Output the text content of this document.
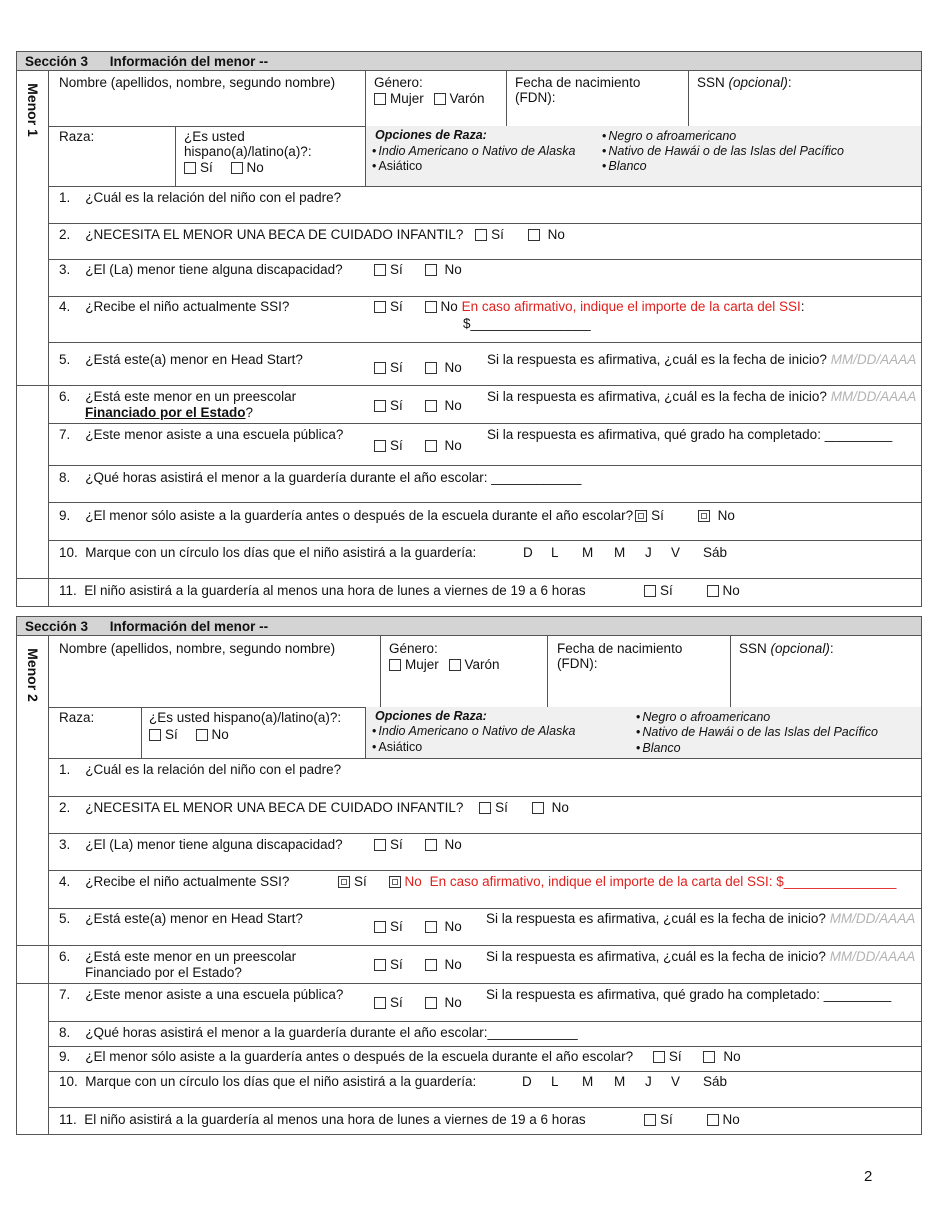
Sección 3 Información del menor --
Menor 1
Nombre (apellidos, nombre, segundo nombre)	Género:
Mujer Varón
Fecha de nacimiento (FDN):
SSN (opcional):
Raza:	¿Es usted hispano(a)/latino(a)?:
Sí	No
Opciones de Raza:
• Indio Americano o Nativo de Alaska
• Asiático
• Negro o afroamericano
• Nativo de Hawái o de las Islas del Pacífico
• Blanco
1.    ¿Cuál es la relación del niño con el padre?
2.    ¿NECESITA EL MENOR UNA BECA DE CUIDADO INFANTIL? Sí	No
3.    ¿El (La) menor tiene alguna discapacidad?	Sí	No
4.    ¿Recibe el niño actualmente SSI?	Sí	No En caso afirmativo, indique el importe de la carta del SSI:
$________________
5.    ¿Está este(a) menor en Head Start?
Sí	No
Si la respuesta es afirmativa, ¿cuál es la fecha de inicio? MM/DD/AAAA
6.    ¿Está este menor en un preescolar
Financiado por el Estado?	Sí	No
Si la respuesta es afirmativa, ¿cuál es la fecha de inicio? MM/DD/AAAA
7.    ¿Este menor asiste a una escuela pública?
Sí	No
Si la respuesta es afirmativa, qué grado ha completado: _________
8.    ¿Qué horas asistirá el menor a la guardería durante el año escolar: ____________
9.    ¿El menor sólo asiste a la guardería antes o después de la escuela durante el año escolar? Sí	No
10.  Marque con un círculo los días que el niño asistirá a la guardería:	D L M M J V Sáb
11.  El niño asistirá a la guardería al menos una hora de lunes a viernes de 19 a 6 horas	Sí	No
Sección 3 Información del menor --
Menor 2 Nombre (apellidos, nombre, segundo nombre)	Género:
Mujer Varón
Fecha de nacimiento (FDN):
SSN (opcional):
Raza:	¿Es usted hispano(a)/latino(a)?:
Sí	No
Opciones de Raza:
• Indio Americano o Nativo de Alaska
• Asiático
• Negro o afroamericano
• Nativo de Hawái o de las Islas del Pacífico
• Blanco
1.    ¿Cuál es la relación del niño con el padre?
2.    ¿NECESITA EL MENOR UNA BECA DE CUIDADO INFANTIL? Sí	No
3.    ¿El (La) menor tiene alguna discapacidad?	Sí	No
4.    ¿Recibe el niño actualmente SSI?	Sí	No En caso afirmativo, indique el importe de la carta del SSI: $_______________
5.    ¿Está este(a) menor en Head Start?
Sí	No
Si la respuesta es afirmativa, ¿cuál es la fecha de inicio? MM/DD/AAAA
6.    ¿Está este menor en un preescolar
Financiado por el Estado?
Sí	No
Si la respuesta es afirmativa, ¿cuál es la fecha de inicio? MM/DD/AAAA
7.    ¿Este menor asiste a una escuela pública?
Sí	No
Si la respuesta es afirmativa, qué grado ha completado: _________
8.    ¿Qué horas asistirá el menor a la guardería durante el año escolar:____________
9.    ¿El menor sólo asiste a la guardería antes o después de la escuela durante el año escolar?	Sí	No
10.  Marque con un círculo los días que el niño asistirá a la guardería:	D L M M J V Sáb
11.  El niño asistirá a la guardería al menos una hora de lunes a viernes de 19 a 6 horas	Sí	No
2
